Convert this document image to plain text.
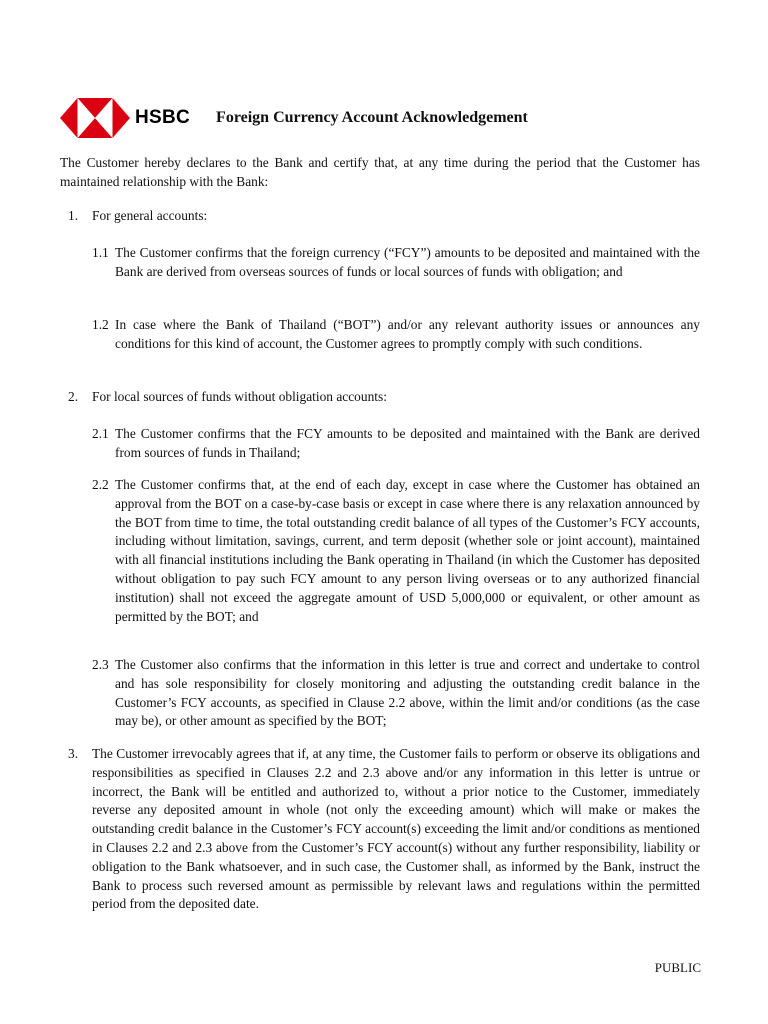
HSBC Foreign Currency Account Acknowledgement
The Customer hereby declares to the Bank and certify that, at any time during the period that the Customer has maintained relationship with the Bank:
1. For general accounts:
1.1 The Customer confirms that the foreign currency (“FCY”) amounts to be deposited and maintained with the Bank are derived from overseas sources of funds or local sources of funds with obligation; and
1.2 In case where the Bank of Thailand (“BOT”) and/or any relevant authority issues or announces any conditions for this kind of account, the Customer agrees to promptly comply with such conditions.
2. For local sources of funds without obligation accounts:
2.1 The Customer confirms that the FCY amounts to be deposited and maintained with the Bank are derived from sources of funds in Thailand;
2.2 The Customer confirms that, at the end of each day, except in case where the Customer has obtained an approval from the BOT on a case-by-case basis or except in case where there is any relaxation announced by the BOT from time to time, the total outstanding credit balance of all types of the Customer’s FCY accounts, including without limitation, savings, current, and term deposit (whether sole or joint account), maintained with all financial institutions including the Bank operating in Thailand (in which the Customer has deposited without obligation to pay such FCY amount to any person living overseas or to any authorized financial institution) shall not exceed the aggregate amount of USD 5,000,000 or equivalent, or other amount as permitted by the BOT; and
2.3 The Customer also confirms that the information in this letter is true and correct and undertake to control and has sole responsibility for closely monitoring and adjusting the outstanding credit balance in the Customer’s FCY accounts, as specified in Clause 2.2 above, within the limit and/or conditions (as the case may be), or other amount as specified by the BOT;
3.	The Customer irrevocably agrees that if, at any time, the Customer fails to perform or observe its obligations and responsibilities as specified in Clauses 2.2 and 2.3 above and/or any information in this letter is untrue or incorrect, the Bank will be entitled and authorized to, without a prior notice to the Customer, immediately reverse any deposited amount in whole (not only the exceeding amount) which will make or makes the outstanding credit balance in the Customer’s FCY account(s) exceeding the limit and/or conditions as mentioned in Clauses 2.2 and 2.3 above from the Customer’s FCY account(s) without any further responsibility, liability or obligation to the Bank whatsoever, and in such case, the Customer shall, as informed by the Bank, instruct the Bank to process such reversed amount as permissible by relevant laws and regulations within the permitted period from the deposited date.
PUBLIC
